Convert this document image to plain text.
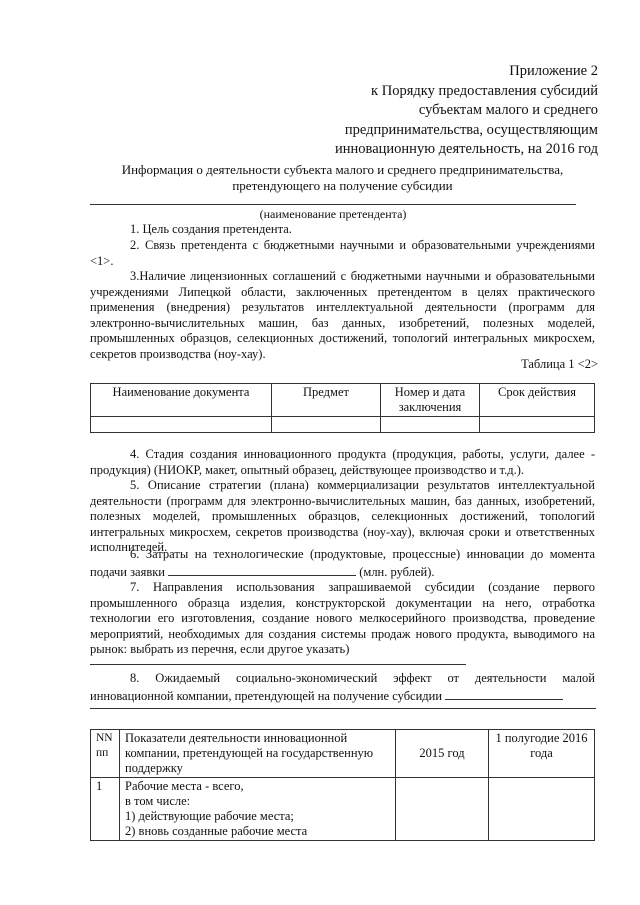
Приложение 2
к Порядку предоставления субсидий
субъектам малого и среднего
предпринимательства, осуществляющим
инновационную деятельность, на 2016 год
Информация о деятельности субъекта малого и среднего предпринимательства,
претендующего на получение субсидии
(наименование претендента)
1. Цель создания претендента.
2. Связь претендента с бюджетными научными и образовательными учреждениями <1>.
3.Наличие лицензионных соглашений с бюджетными научными и образовательными учреждениями Липецкой области, заключенных претендентом в целях практического применения (внедрения) результатов интеллектуальной деятельности (программ для электронно-вычислительных машин, баз данных, изобретений, полезных моделей, промышленных образцов, селекционных достижений, топологий интегральных микросхем, секретов производства (ноу-хау).
Таблица 1 <2>
Наименование документа	Предмет	Номер и дата заключения	Срок действия

4. Стадия создания инновационного продукта (продукция, работы, услуги, далее - продукция) (НИОКР, макет, опытный образец, действующее производство и т.д.).
5. Описание стратегии (плана) коммерциализации результатов интеллектуальной деятельности (программ для электронно-вычислительных машин, баз данных, изобретений, полезных моделей, промышленных образцов, селекционных достижений, топологий интегральных микросхем, секретов производства (ноу-хау), включая сроки и ответственных исполнителей.
6. Затраты на технологические (продуктовые, процессные) инновации до момента подачи заявки	(млн. рублей).
7. Направления использования запрашиваемой субсидии (создание первого промышленного образца изделия, конструкторской документации на него, отработка технологии его изготовления, создание нового мелкосерийного производства, проведение мероприятий, необходимых для создания системы продаж нового продукта, выводимого на рынок: выбрать из перечня, если другое указать)
8. Ожидаемый социально-экономический эффект от деятельности малой инновационной компании, претендующей на получение субсидии
NN пп	Показатели деятельности инновационной компании, претендующей на государственную поддержку	2015 год	1 полугодие 2016 года
1	Рабочие места - всего,
в том числе:
1) действующие рабочие места;
2) вновь созданные рабочие места		
